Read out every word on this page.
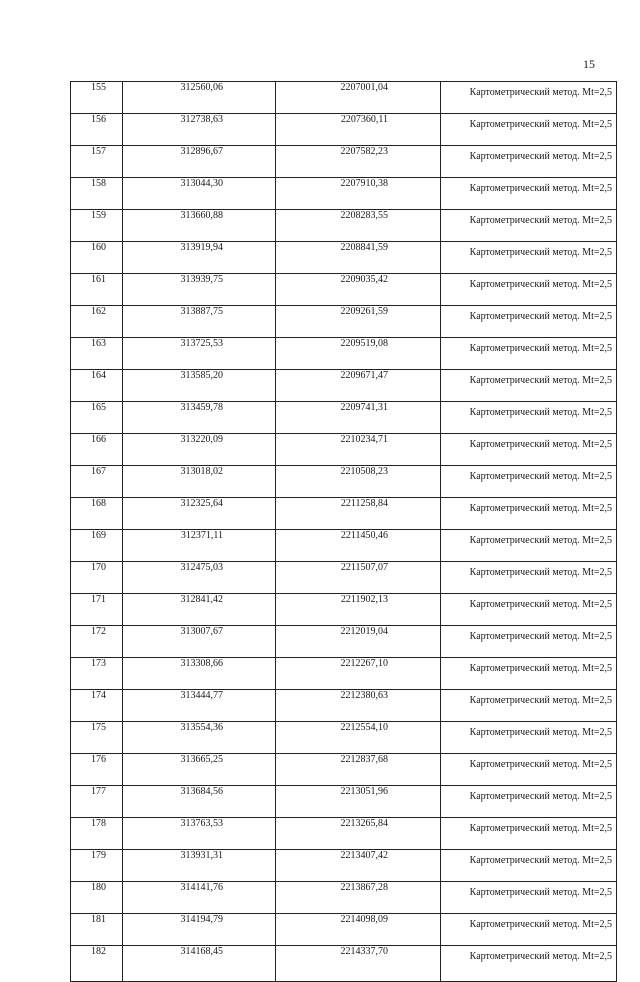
15
155	312560,06	2207001,04	Картометрический метод. Mt=2,5
156	312738,63	2207360,11	Картометрический метод. Mt=2,5
157	312896,67	2207582,23	Картометрический метод. Mt=2,5
158	313044,30	2207910,38	Картометрический метод. Mt=2,5
159	313660,88	2208283,55	Картометрический метод. Mt=2,5
160	313919,94	2208841,59	Картометрический метод. Mt=2,5
161	313939,75	2209035,42	Картометрический метод. Mt=2,5
162	313887,75	2209261,59	Картометрический метод. Mt=2,5
163	313725,53	2209519,08	Картометрический метод. Mt=2,5
164	313585,20	2209671,47	Картометрический метод. Mt=2,5
165	313459,78	2209741,31	Картометрический метод. Mt=2,5
166	313220,09	2210234,71	Картометрический метод. Mt=2,5
167	313018,02	2210508,23	Картометрический метод. Mt=2,5
168	312325,64	2211258,84	Картометрический метод. Mt=2,5
169	312371,11	2211450,46	Картометрический метод. Mt=2,5
170	312475,03	2211507,07	Картометрический метод. Mt=2,5
171	312841,42	2211902,13	Картометрический метод. Mt=2,5
172	313007,67	2212019,04	Картометрический метод. Mt=2,5
173	313308,66	2212267,10	Картометрический метод. Mt=2,5
174	313444,77	2212380,63	Картометрический метод. Mt=2,5
175	313554,36	2212554,10	Картометрический метод. Mt=2,5
176	313665,25	2212837,68	Картометрический метод. Mt=2,5
177	313684,56	2213051,96	Картометрический метод. Mt=2,5
178	313763,53	2213265,84	Картометрический метод. Mt=2,5
179	313931,31	2213407,42	Картометрический метод. Mt=2,5
180	314141,76	2213867,28	Картометрический метод. Mt=2,5
181	314194,79	2214098,09	Картометрический метод. Mt=2,5
182	314168,45	2214337,70	Картометрический метод. Mt=2,5
